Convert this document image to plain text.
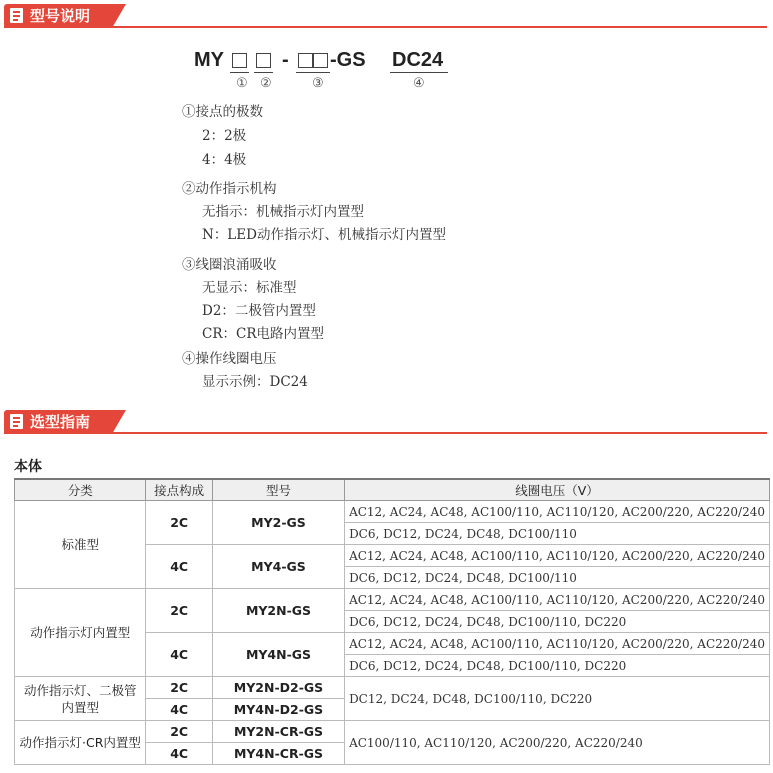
型号说明
MY	- -GS DC24
① ②	③	④
①接点的极数
2：2极
4：4极
②动作指示机构
无指示：机械指示灯内置型
N：LED动作指示灯、机械指示灯内置型
③线圈浪涌吸收
无显示：标准型
D2：二极管内置型
CR：CR电路内置型
④操作线圈电压
显示示例：DC24
选型指南
本体
分类	接点构成	型号	线圈电压（V）
标准型	2C	MY2-GS	AC12, AC24, AC48, AC100/110, AC110/120, AC200/220, AC220/240
			DC6, DC12, DC24, DC48, DC100/110
	4C	MY4-GS	AC12, AC24, AC48, AC100/110, AC110/120, AC200/220, AC220/240
			DC6, DC12, DC24, DC48, DC100/110
动作指示灯内置型	2C	MY2N-GS	AC12, AC24, AC48, AC100/110, AC110/120, AC200/220, AC220/240
			DC6, DC12, DC24, DC48, DC100/110, DC220
	4C	MY4N-GS	AC12, AC24, AC48, AC100/110, AC110/120, AC200/220, AC220/240
			DC6, DC12, DC24, DC48, DC100/110, DC220
动作指示灯、二极管内置型	2C	MY2N-D2-GS	DC12, DC24, DC48, DC100/110, DC220
	4C	MY4N-D2-GS	
动作指示灯·CR内置型	2C	MY2N-CR-GS	AC100/110, AC110/120, AC200/220, AC220/240
	4C	MY4N-CR-GS	
